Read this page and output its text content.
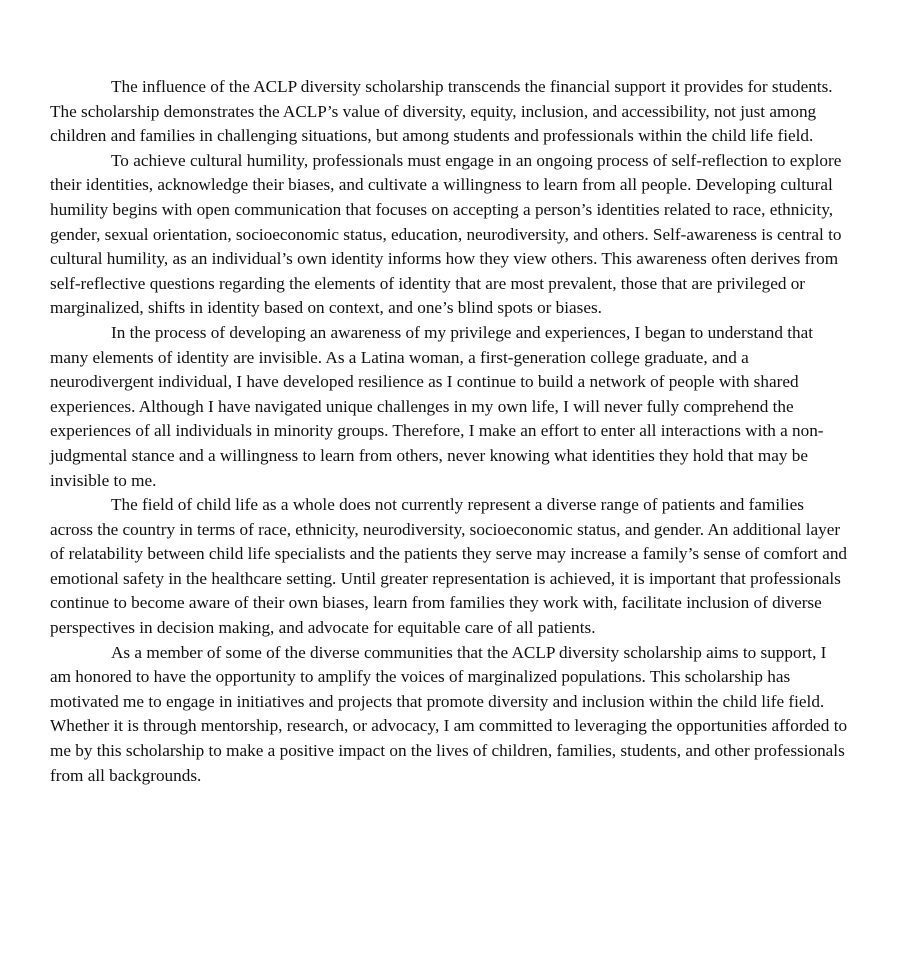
The influence of the ACLP diversity scholarship transcends the financial support it provides for students. The scholarship demonstrates the ACLP’s value of diversity, equity, inclusion, and accessibility, not just among children and families in challenging situations, but among students and professionals within the child life field.

To achieve cultural humility, professionals must engage in an ongoing process of self-reflection to explore their identities, acknowledge their biases, and cultivate a willingness to learn from all people. Developing cultural humility begins with open communication that focuses on accepting a person’s identities related to race, ethnicity, gender, sexual orientation, socioeconomic status, education, neurodiversity, and others. Self-awareness is central to cultural humility, as an individual’s own identity informs how they view others. This awareness often derives from self-reflective questions regarding the elements of identity that are most prevalent, those that are privileged or marginalized, shifts in identity based on context, and one’s blind spots or biases.

In the process of developing an awareness of my privilege and experiences, I began to understand that many elements of identity are invisible. As a Latina woman, a first-generation college graduate, and a neurodivergent individual, I have developed resilience as I continue to build a network of people with shared experiences. Although I have navigated unique challenges in my own life, I will never fully comprehend the experiences of all individuals in minority groups. Therefore, I make an effort to enter all interactions with a non-judgmental stance and a willingness to learn from others, never knowing what identities they hold that may be invisible to me.

The field of child life as a whole does not currently represent a diverse range of patients and families across the country in terms of race, ethnicity, neurodiversity, socioeconomic status, and gender. An additional layer of relatability between child life specialists and the patients they serve may increase a family’s sense of comfort and emotional safety in the healthcare setting. Until greater representation is achieved, it is important that professionals continue to become aware of their own biases, learn from families they work with, facilitate inclusion of diverse perspectives in decision making, and advocate for equitable care of all patients.

As a member of some of the diverse communities that the ACLP diversity scholarship aims to support, I am honored to have the opportunity to amplify the voices of marginalized populations. This scholarship has motivated me to engage in initiatives and projects that promote diversity and inclusion within the child life field. Whether it is through mentorship, research, or advocacy, I am committed to leveraging the opportunities afforded to me by this scholarship to make a positive impact on the lives of children, families, students, and other professionals from all backgrounds.
